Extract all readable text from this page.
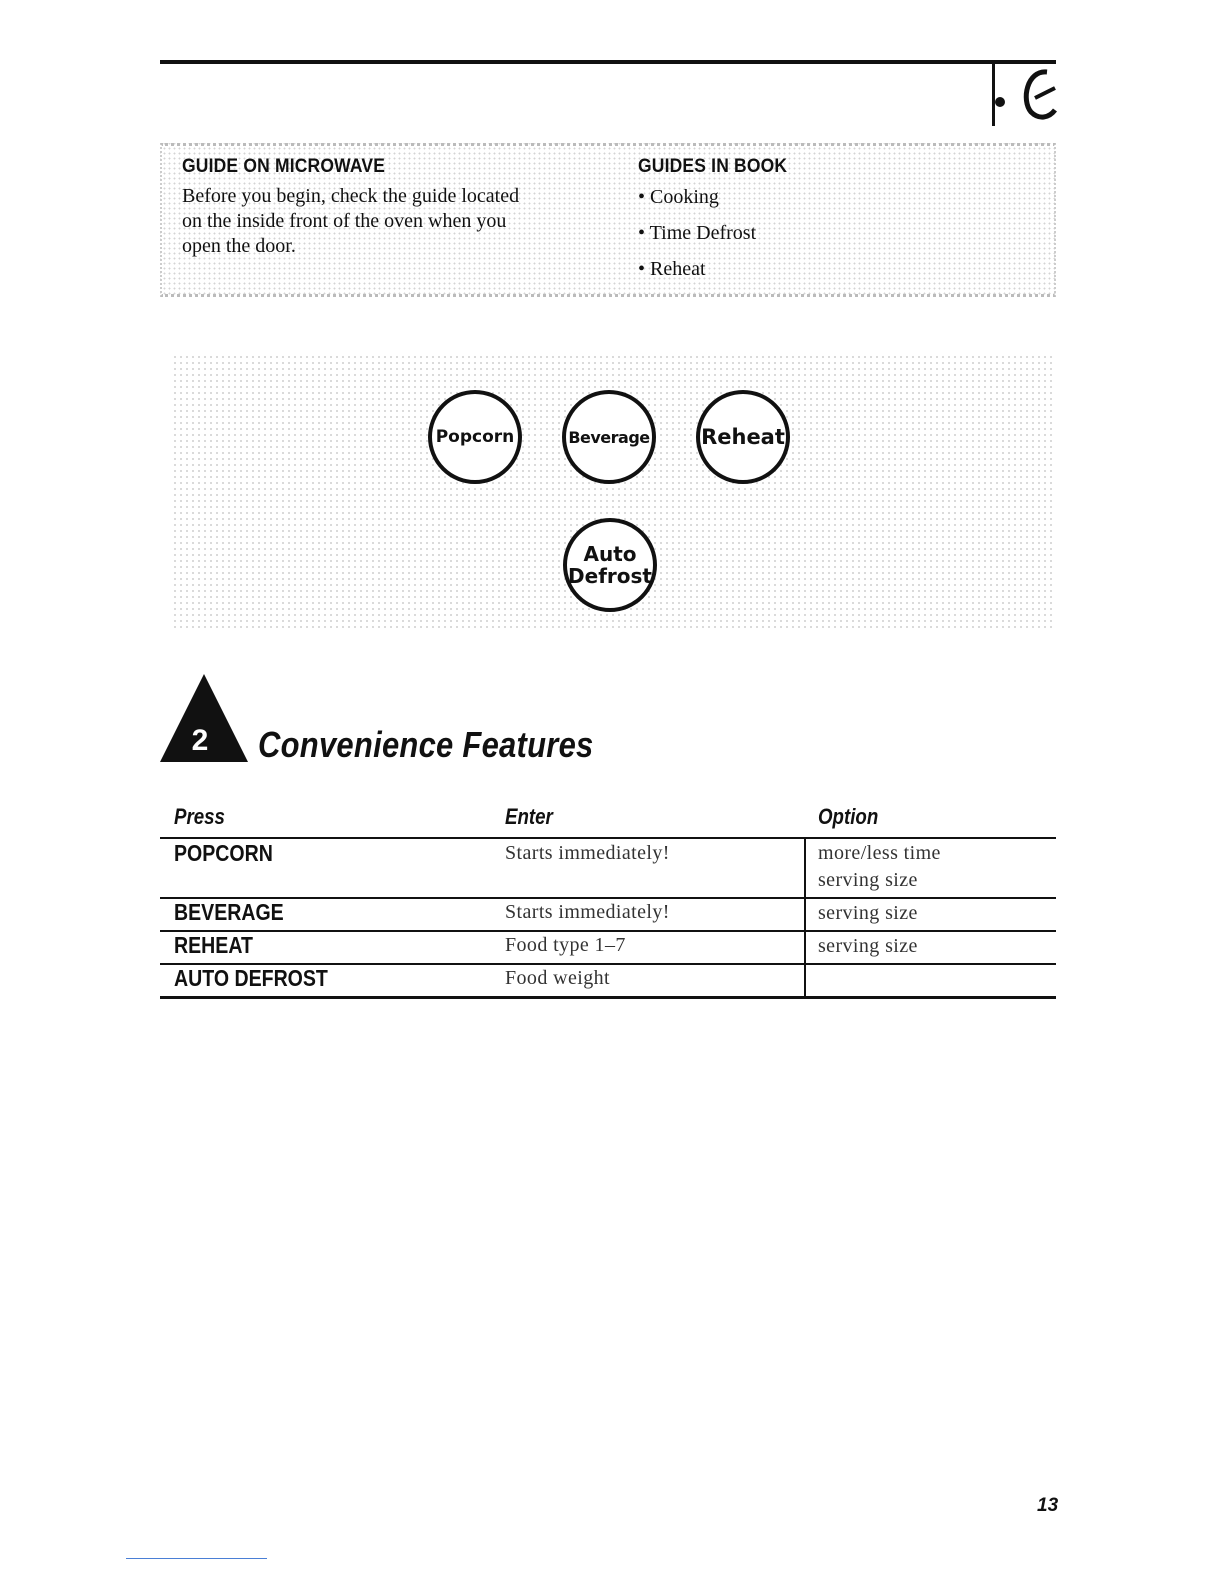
GUIDE ON MICROWAVE
Before you begin, check the guide located
on the inside front of the oven when you
open the door.
GUIDES IN BOOK
• Cooking
• Time Defrost
• Reheat
Popcorn	Beverage	Reheat
Auto
Defrost
2 Convenience Features
Press	Enter	Option
POPCORN	Starts immediately!	more/less time
serving size
BEVERAGE	Starts immediately!	serving size
REHEAT	Food type 1–7	serving size
AUTO DEFROST	Food weight
13
